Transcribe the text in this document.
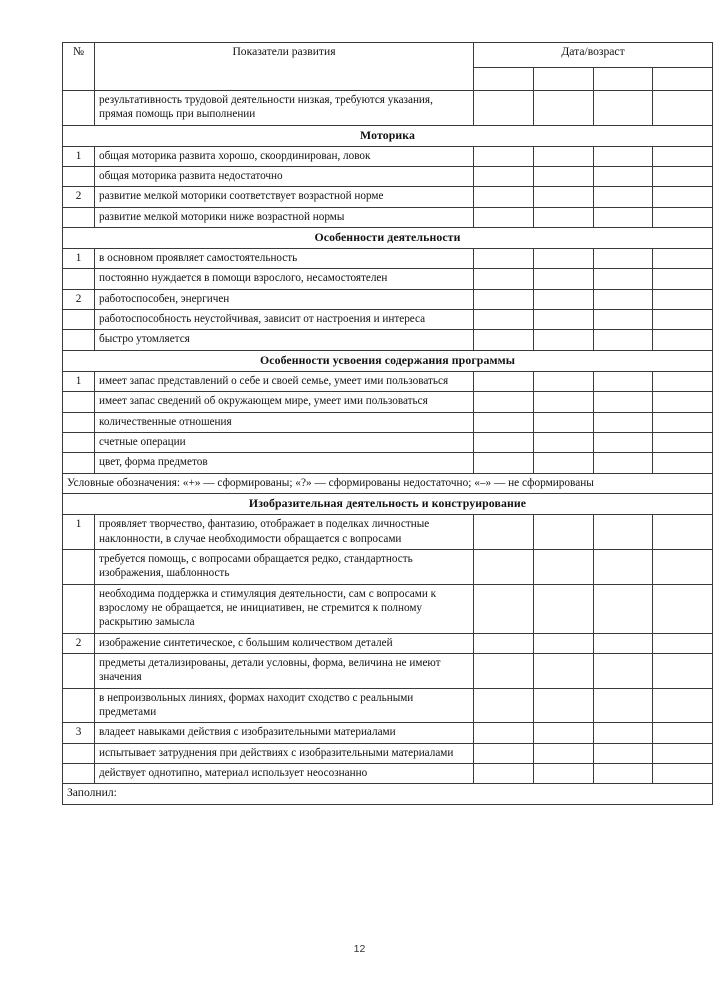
№	Показатели развития	Дата/возраст			

	результативность трудовой деятельности низкая, требуются указания, прямая помощь при выполнении				
Моторика					
1	общая моторика развита хорошо, скоординирован, ловок				
	общая моторика развита недостаточно				
2	развитие мелкой моторики соответствует возрастной норме				
	развитие мелкой моторики ниже возрастной нормы				
Особенности деятельности					
1	в основном проявляет самостоятельность				
	постоянно нуждается в помощи взрослого, несамостоятелен				
2	работоспособен, энергичен				
	работоспособность неустойчивая, зависит от настроения и интереса				
	быстро утомляется				
Особенности усвоения содержания программы					
1	имеет запас представлений о себе и своей семье, умеет ими пользоваться				
	имеет запас сведений об окружающем мире, умеет ими пользоваться				
	количественные отношения				
	счетные операции				
	цвет, форма предметов				
Условные обозначения: «+» — сформированы; «?» — сформированы недостаточно; «–» — не сформированы					
Изобразительная деятельность и конструирование					
1	проявляет творчество, фантазию, отображает в поделках личностные наклонности, в случае необходимости обращается с вопросами				
	требуется помощь, с вопросами обращается редко, стандартность изображения, шаблонность				
	необходима поддержка и стимуляция деятельности, сам с вопросами к взрослому не обращается, не инициативен, не стремится к полному раскрытию замысла				
2	изображение синтетическое, с большим количеством деталей				
	предметы детализированы, детали условны, форма, величина не имеют значения				
	в непроизвольных линиях, формах находит сходство с реальными предметами				
3	владеет навыками действия с изобразительными материалами				
	испытывает затруднения при действиях с изобразительными материалами				
	действует однотипно, материал использует неосознанно				
Заполнил:					
12
